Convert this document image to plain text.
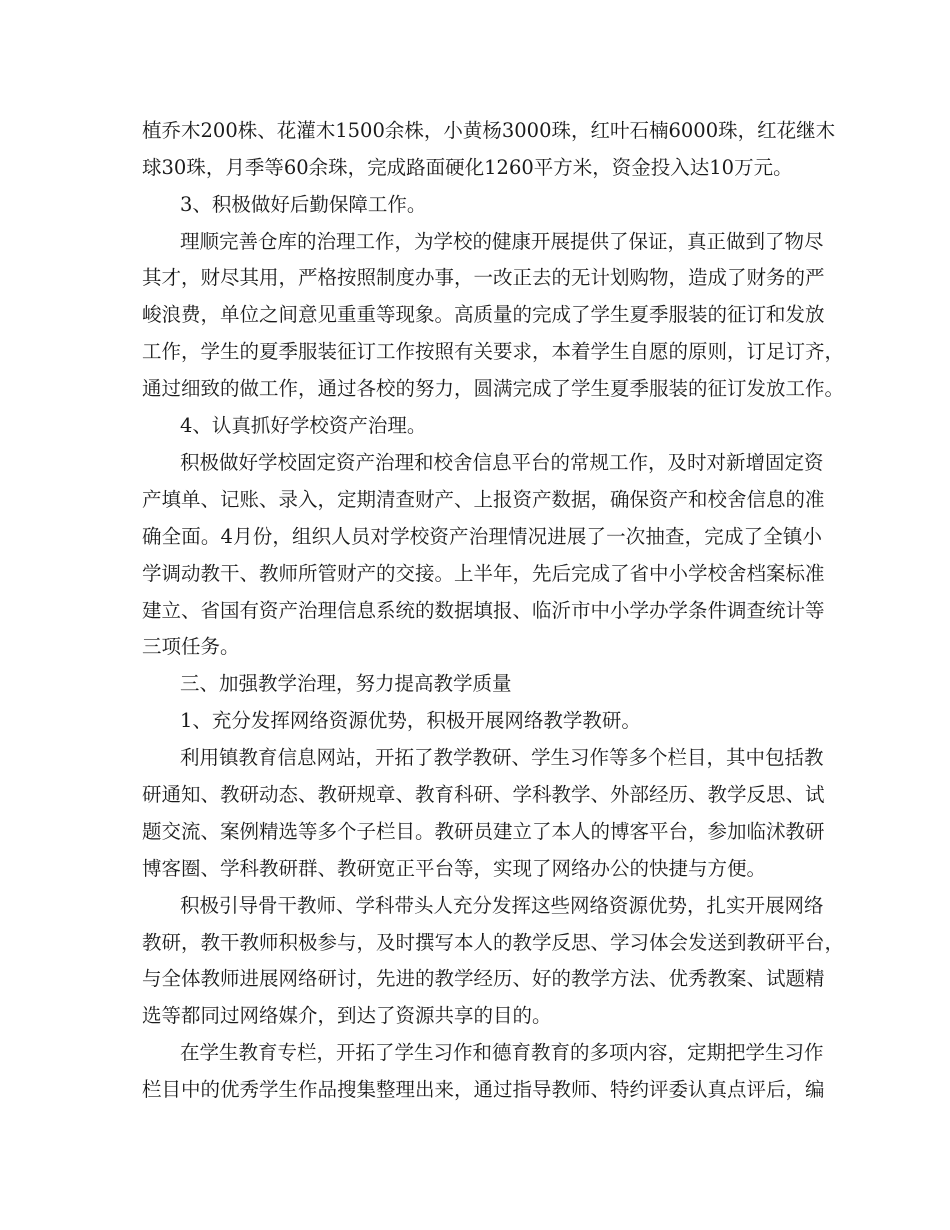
植乔木200株、花灌木1500余株，小黄杨3000珠，红叶石楠6000珠，红花继木
球30珠，月季等60余珠，完成路面硬化1260平方米，资金投入达10万元。
3、积极做好后勤保障工作。
理顺完善仓库的治理工作，为学校的健康开展提供了保证，真正做到了物尽
其才，财尽其用，严格按照制度办事，一改正去的无计划购物，造成了财务的严
峻浪费，单位之间意见重重等现象。高质量的完成了学生夏季服装的征订和发放
工作，学生的夏季服装征订工作按照有关要求，本着学生自愿的原则，订足订齐，
通过细致的做工作，通过各校的努力，圆满完成了学生夏季服装的征订发放工作。
4、认真抓好学校资产治理。
积极做好学校固定资产治理和校舍信息平台的常规工作，及时对新增固定资
产填单、记账、录入，定期清查财产、上报资产数据，确保资产和校舍信息的准
确全面。4月份，组织人员对学校资产治理情况进展了一次抽查，完成了全镇小
学调动教干、教师所管财产的交接。上半年，先后完成了省中小学校舍档案标准
建立、省国有资产治理信息系统的数据填报、临沂市中小学办学条件调查统计等
三项任务。
三、加强教学治理，努力提高教学质量
1、充分发挥网络资源优势，积极开展网络教学教研。
利用镇教育信息网站，开拓了教学教研、学生习作等多个栏目，其中包括教
研通知、教研动态、教研规章、教育科研、学科教学、外部经历、教学反思、试
题交流、案例精选等多个子栏目。教研员建立了本人的博客平台，参加临沭教研
博客圈、学科教研群、教研宽正平台等，实现了网络办公的快捷与方便。
积极引导骨干教师、学科带头人充分发挥这些网络资源优势，扎实开展网络
教研，教干教师积极参与，及时撰写本人的教学反思、学习体会发送到教研平台，
与全体教师进展网络研讨，先进的教学经历、好的教学方法、优秀教案、试题精
选等都同过网络媒介，到达了资源共享的目的。
在学生教育专栏，开拓了学生习作和德育教育的多项内容，定期把学生习作
栏目中的优秀学生作品搜集整理出来，通过指导教师、特约评委认真点评后，编
